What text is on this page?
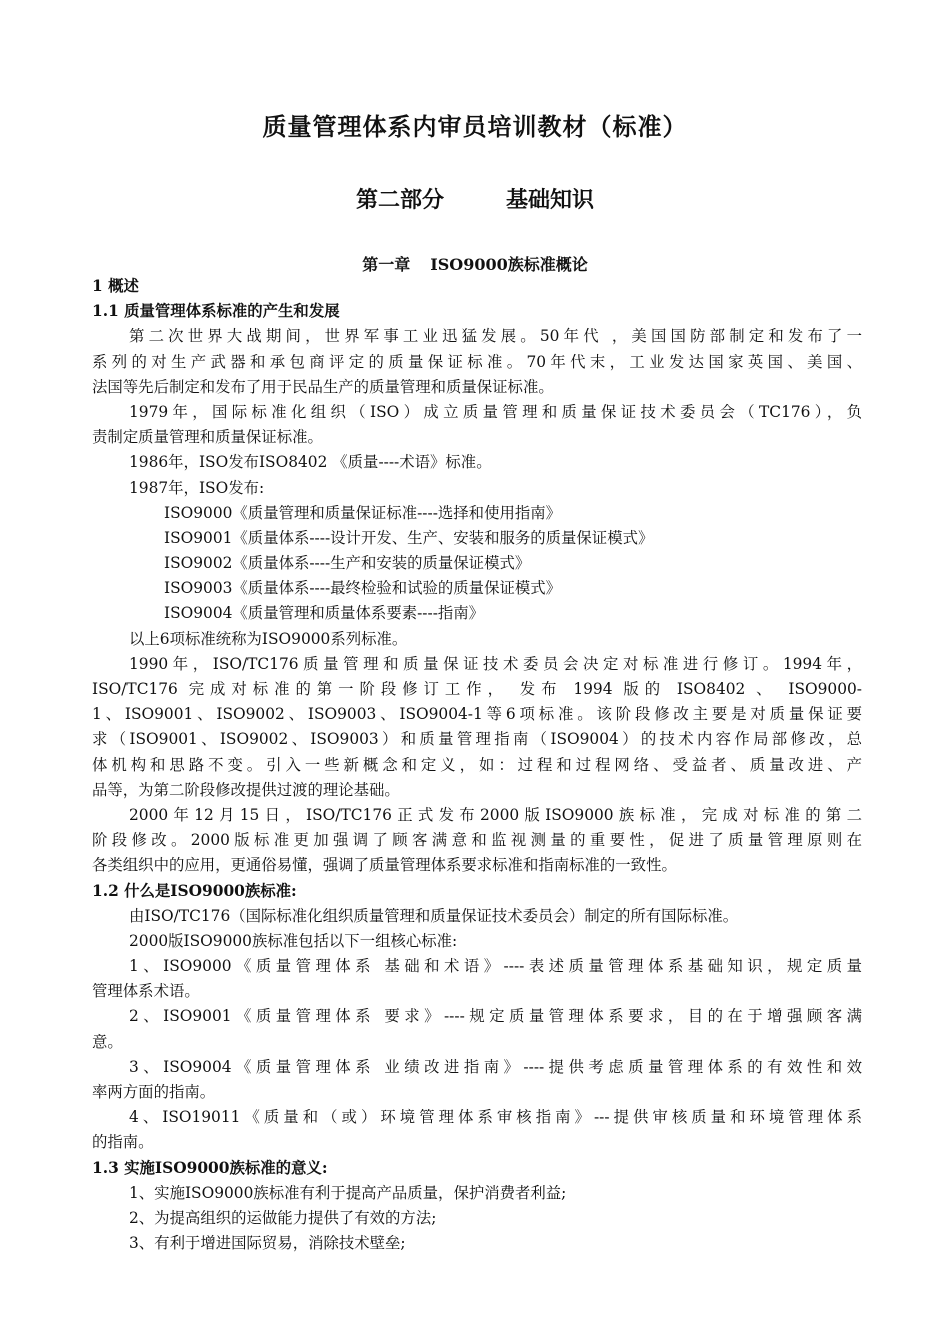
质量管理体系内审员培训教材（标准）
第二部分	基础知识
第一章 ISO9000族标准概论
1 概述
1.1 质量管理体系标准的产生和发展
第二次世界大战期间，世界军事工业迅猛发展。50年代 ，美国国防部制定和发布了一
系列的对生产武器和承包商评定的质量保证标准。70年代末，工业发达国家英国、美国、
法国等先后制定和发布了用于民品生产的质量管理和质量保证标准。
1979年，国际标准化组织（ISO）成立质量管理和质量保证技术委员会（TC176），负
责制定质量管理和质量保证标准。
1986年，ISO发布ISO8402 《质量----术语》标准。
1987年，ISO发布:
ISO9000《质量管理和质量保证标准----选择和使用指南》
ISO9001《质量体系----设计开发、生产、安装和服务的质量保证模式》
ISO9002《质量体系----生产和安装的质量保证模式》
ISO9003《质量体系----最终检验和试验的质量保证模式》
ISO9004《质量管理和质量体系要素----指南》
以上6项标准统称为ISO9000系列标准。
1990年，ISO/TC176质量管理和质量保证技术委员会决定对标准进行修订。1994年，
ISO/TC176 完成对标准的第一阶段修订工作， 发布 1994 版的 ISO8402 、 ISO9000-
1、ISO9001、ISO9002、ISO9003、ISO9004-1等6项标准。该阶段修改主要是对质量保证要
求（ISO9001、ISO9002、ISO9003）和质量管理指南（ISO9004）的技术内容作局部修改，总
体机构和思路不变。引入一些新概念和定义，如：过程和过程网络、受益者、质量改进、产
品等，为第二阶段修改提供过渡的理论基础。
2000年12月15日，ISO/TC176正式发布2000版ISO9000族标准，完成对标准的第二
阶段修改。2000版标准更加强调了顾客满意和监视测量的重要性，促进了质量管理原则在
各类组织中的应用，更通俗易懂，强调了质量管理体系要求标准和指南标准的一致性。
1.2 什么是ISO9000族标准:
由ISO/TC176（国际标准化组织质量管理和质量保证技术委员会）制定的所有国际标准。
2000版ISO9000族标准包括以下一组核心标准:
1、ISO9000《质量管理体系 基础和术语》----表述质量管理体系基础知识，规定质量
管理体系术语。
2、ISO9001《质量管理体系 要求》----规定质量管理体系要求，目的在于增强顾客满
意。
3、ISO9004《质量管理体系 业绩改进指南》----提供考虑质量管理体系的有效性和效
率两方面的指南。
4、ISO19011《质量和（或）环境管理体系审核指南》---提供审核质量和环境管理体系
的指南。
1.3 实施ISO9000族标准的意义:
1、实施ISO9000族标准有利于提高产品质量，保护消费者利益;
2、为提高组织的运做能力提供了有效的方法;
3、有利于增进国际贸易，消除技术壁垒;
